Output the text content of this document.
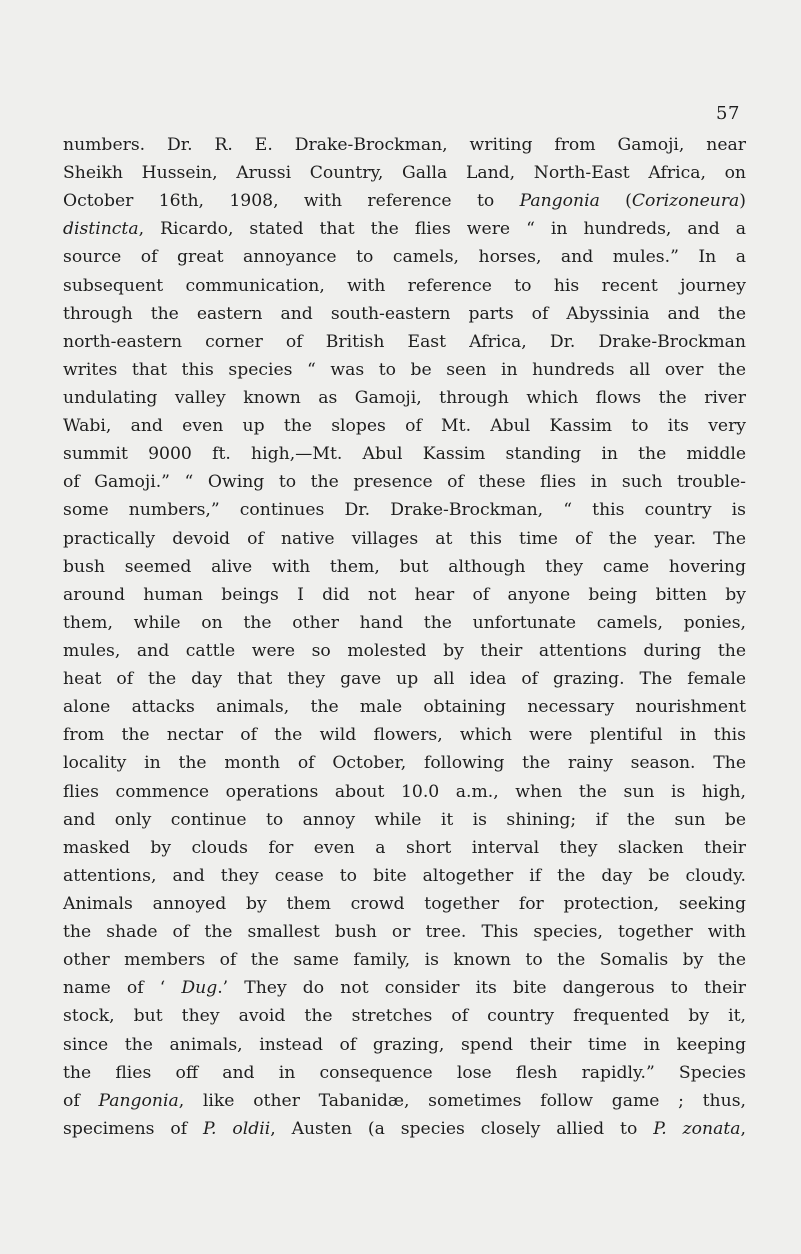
57
numbers. Dr. R. E. Drake-Brockman, writing from Gamoji, near
Sheikh Hussein, Arussi Country, Galla Land, North-East Africa, on
October 16th, 1908, with reference to Pangonia (Corizoneura)
distincta, Ricardo, stated that the flies were “ in hundreds, and a
source of great annoyance to camels, horses, and mules.” In a
subsequent communication, with reference to his recent journey
through the eastern and south-eastern parts of Abyssinia and the
north-eastern corner of British East Africa, Dr. Drake-Brockman
writes that this species “ was to be seen in hundreds all over the
undulating valley known as Gamoji, through which flows the river
Wabi, and even up the slopes of Mt. Abul Kassim to its very
summit 9000 ft. high,—Mt. Abul Kassim standing in the middle
of Gamoji.” “ Owing to the presence of these flies in such trouble-
some numbers,” continues Dr. Drake-Brockman, “ this country is
practically devoid of native villages at this time of the year. The
bush seemed alive with them, but although they came hovering
around human beings I did not hear of anyone being bitten by
them, while on the other hand the unfortunate camels, ponies,
mules, and cattle were so molested by their attentions during the
heat of the day that they gave up all idea of grazing. The female
alone attacks animals, the male obtaining necessary nourishment
from the nectar of the wild flowers, which were plentiful in this
locality in the month of October, following the rainy season. The
flies commence operations about 10.0 a.m., when the sun is high,
and only continue to annoy while it is shining; if the sun be
masked by clouds for even a short interval they slacken their
attentions, and they cease to bite altogether if the day be cloudy.
Animals annoyed by them crowd together for protection, seeking
the shade of the smallest bush or tree. This species, together with
other members of the same family, is known to the Somalis by the
name of ‘ Dug.’ They do not consider its bite dangerous to their
stock, but they avoid the stretches of country frequented by it,
since the animals, instead of grazing, spend their time in keeping
the flies off and in consequence lose flesh rapidly.” Species
of Pangonia, like other Tabanidæ, sometimes follow game ; thus,
specimens of P. oldii, Austen (a species closely allied to P. zonata,
